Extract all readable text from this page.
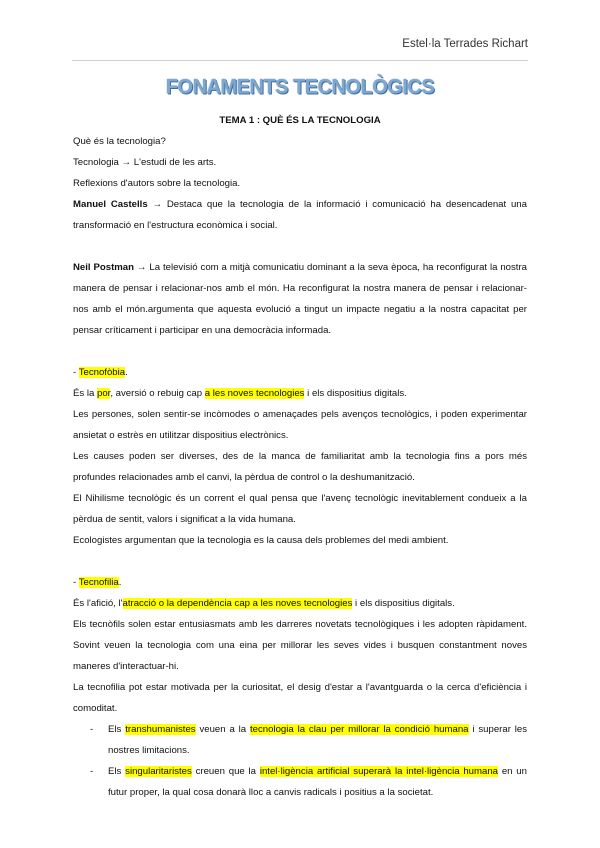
Estel·la Terrades Richart
FONAMENTS TECNOLÒGICS

TEMA 1 : QUÈ ÉS LA TECNOLOGIA

Què és la tecnologia?

Tecnologia → L'estudi de les arts.

Reflexions d'autors sobre la tecnologia.

Manuel Castells → Destaca que la tecnologia de la informació i comunicació ha desencadenat una transformació en l'estructura econòmica i social.

Neil Postman → La televisió com a mitjà comunicatiu dominant a la seva època, ha reconfigurat la nostra manera de pensar i relacionar-nos amb el món. Ha reconfigurat la nostra manera de pensar i relacionar-nos amb el món.argumenta que aquesta evolució a tingut un impacte negatiu a la nostra capacitat per pensar críticament i participar en una democràcia informada.

- Tecnofòbia.

És la por, aversió o rebuig cap a les noves tecnologies i els dispositius digitals.

Les persones, solen sentir-se incòmodes o amenaçades pels avenços tecnològics, i poden experimentar ansietat o estrès en utilitzar dispositius electrònics.

Les causes poden ser diverses, des de la manca de familiaritat amb la tecnologia fins a pors més profundes relacionades amb el canvi, la pèrdua de control o la deshumanització.

El Nihilisme tecnològic és un corrent el qual pensa que l'avenç tecnològic inevitablement condueix a la pèrdua de sentit, valors i significat a la vida humana.

Ecologistes argumentan que la tecnologia es la causa dels problemes del medi ambient.

- Tecnofilia.

És l'afició, l'atracció o la dependència cap a les noves tecnologies i els dispositius digitals.

Els tecnòfils solen estar entusiasmats amb les darreres novetats tecnològiques i les adopten ràpidament. Sovint veuen la tecnologia com una eina per millorar les seves vides i busquen constantment noves maneres d'interactuar-hi.

La tecnofilia pot estar motivada per la curiositat, el desig d'estar a l'avantguarda o la cerca d'eficiència i comoditat.

- Els transhumanistes veuen a la tecnologia la clau per millorar la condició humana i superar les nostres limitacions.
- Els singularitaristes creuen que la intel·ligència artificial superarà la intel·ligència humana en un futur proper, la qual cosa donarà lloc a canvis radicals i positius a la societat.
